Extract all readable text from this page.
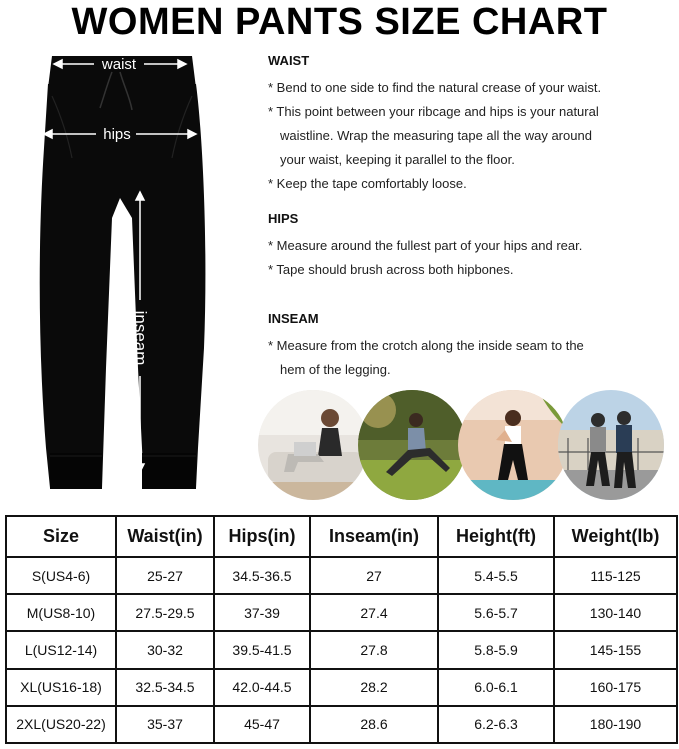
WOMEN PANTS SIZE CHART
waist
hips
inseam
WAIST
* Bend to one side to find the natural crease of your waist.
* This point between your ribcage and hips is your natural
waistline. Wrap the measuring tape all the way around
your waist, keeping it parallel to the floor.
* Keep the tape comfortably loose.
HIPS
* Measure around the fullest part of your hips and rear.
* Tape should brush across both hipbones.
INSEAM
* Measure from the crotch along the inside seam to the
hem of the legging.
Size	Waist(in)	Hips(in)	Inseam(in)	Height(ft)	Weight(lb)
S(US4-6)	25-27	34.5-36.5	27	5.4-5.5	115-125
M(US8-10)	27.5-29.5	37-39	27.4	5.6-5.7	130-140
L(US12-14)	30-32	39.5-41.5	27.8	5.8-5.9	145-155
XL(US16-18)	32.5-34.5	42.0-44.5	28.2	6.0-6.1	160-175
2XL(US20-22)	35-37	45-47	28.6	6.2-6.3	180-190
